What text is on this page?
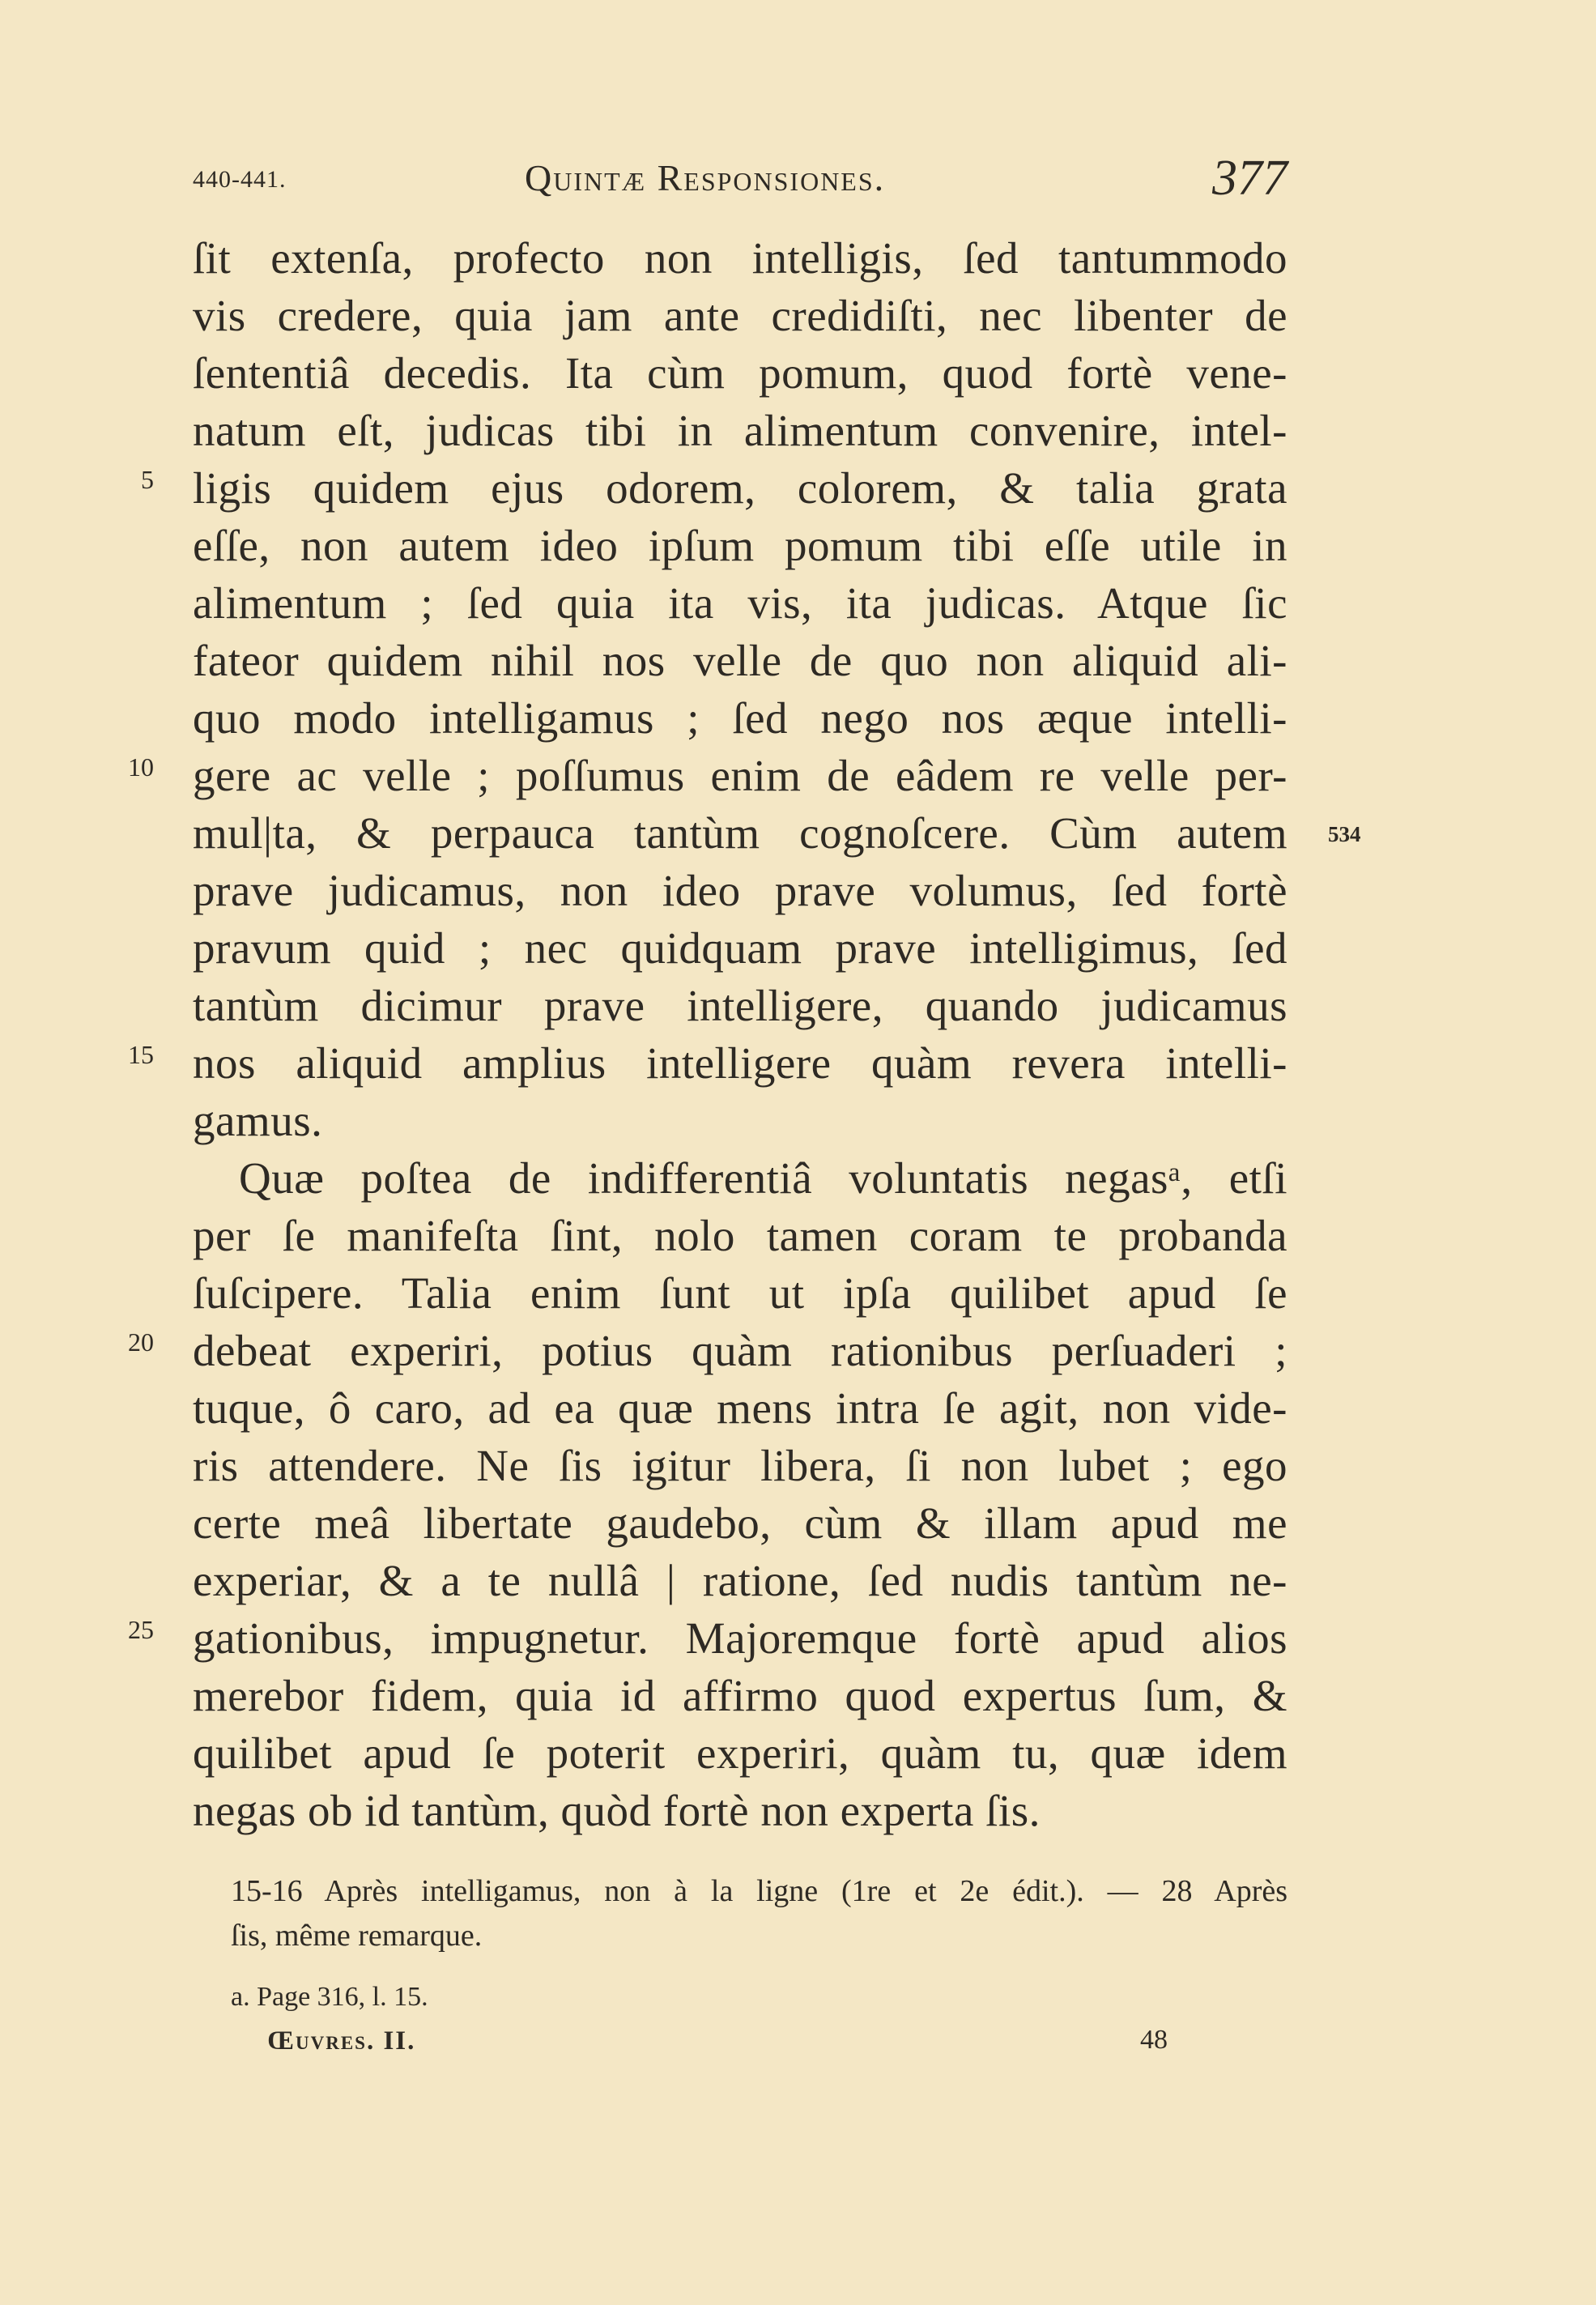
440-441.	Quintæ Responsiones.	377
ſit extenſa, profecto non intelligis, ſed tantummodo
vis credere, quia jam ante credidiſti, nec libenter de
ſententiâ decedis. Ita cùm pomum, quod fortè vene-
natum eſt, judicas tibi in alimentum convenire, intel-
ligis quidem ejus odorem, colorem, & talia grata
eſſe, non autem ideo ipſum pomum tibi eſſe utile in
alimentum ; ſed quia ita vis, ita judicas. Atque ſic
fateor quidem nihil nos velle de quo non aliquid ali-
quo modo intelligamus ; ſed nego nos æque intelli-
gere ac velle ; poſſumus enim de eâdem re velle per-
mul|ta, & perpauca tantùm cognoſcere. Cùm autem
prave judicamus, non ideo prave volumus, ſed fortè
pravum quid ; nec quidquam prave intelligimus, ſed
tantùm dicimur prave intelligere, quando judicamus
nos aliquid amplius intelligere quàm revera intelli-
gamus.
Quæ poſtea de indifferentiâ voluntatis negasᵃ, etſi
per ſe manifeſta ſint, nolo tamen coram te probanda
ſuſcipere. Talia enim ſunt ut ipſa quilibet apud ſe
debeat experiri, potius quàm rationibus perſuaderi ;
tuque, ô caro, ad ea quæ mens intra ſe agit, non vide-
ris attendere. Ne ſis igitur libera, ſi non lubet ; ego
certe meâ libertate gaudebo, cùm & illam apud me
experiar, & a te nullâ | ratione, ſed nudis tantùm ne-
gationibus, impugnetur. Majoremque fortè apud alios
merebor fidem, quia id affirmo quod expertus ſum, &
quilibet apud ſe poterit experiri, quàm tu, quæ idem
negas ob id tantùm, quòd fortè non experta ſis.
5
10
15
20
25
534
15-16 Après intelligamus, non à la ligne (1re et 2e édit.). — 28 Après
ſis, même remarque.
a. Page 316, l. 15.
Œuvres. II.	48
